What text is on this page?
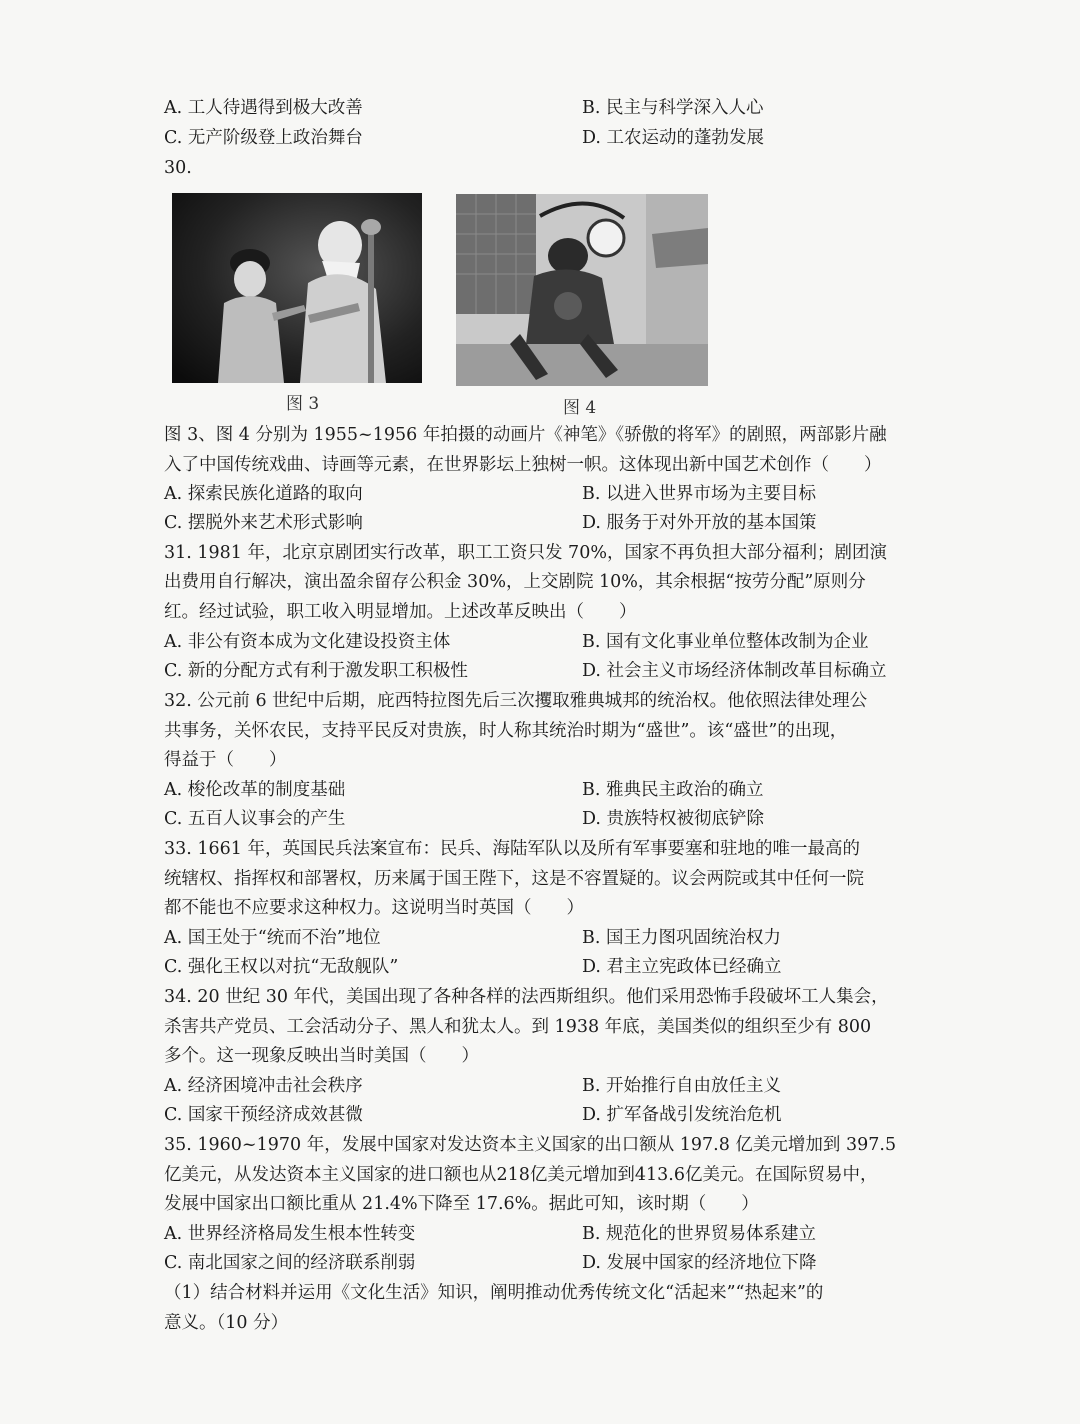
A. 工人待遇得到极大改善	B. 民主与科学深入人心
C. 无产阶级登上政治舞台	D. 工农运动的蓬勃发展
30.
图 3	图 4
图 3、图 4 分别为 1955~1956 年拍摄的动画片《神笔》《骄傲的将军》的剧照，两部影片融
入了中国传统戏曲、诗画等元素，在世界影坛上独树一帜。这体现出新中国艺术创作（　　）
A. 探索民族化道路的取向	B. 以进入世界市场为主要目标
C. 摆脱外来艺术形式影响	D. 服务于对外开放的基本国策
31. 1981 年，北京京剧团实行改革，职工工资只发 70%，国家不再负担大部分福利；剧团演
出费用自行解决，演出盈余留存公积金 30%，上交剧院 10%，其余根据“按劳分配”原则分
红。经过试验，职工收入明显增加。上述改革反映出（　　）
A. 非公有资本成为文化建设投资主体	B. 国有文化事业单位整体改制为企业
C. 新的分配方式有利于激发职工积极性	D. 社会主义市场经济体制改革目标确立
32. 公元前 6 世纪中后期，庇西特拉图先后三次攫取雅典城邦的统治权。他依照法律处理公
共事务，关怀农民，支持平民反对贵族，时人称其统治时期为“盛世”。该“盛世”的出现，
得益于（　　）
A. 梭伦改革的制度基础	B. 雅典民主政治的确立
C. 五百人议事会的产生	D. 贵族特权被彻底铲除
33. 1661 年，英国民兵法案宣布：民兵、海陆军队以及所有军事要塞和驻地的唯一最高的
统辖权、指挥权和部署权，历来属于国王陛下，这是不容置疑的。议会两院或其中任何一院
都不能也不应要求这种权力。这说明当时英国（　　）
A. 国王处于“统而不治”地位	B. 国王力图巩固统治权力
C. 强化王权以对抗“无敌舰队”	D. 君主立宪政体已经确立
34. 20 世纪 30 年代，美国出现了各种各样的法西斯组织。他们采用恐怖手段破坏工人集会，
杀害共产党员、工会活动分子、黑人和犹太人。到 1938 年底，美国类似的组织至少有 800
多个。这一现象反映出当时美国（　　）
A. 经济困境冲击社会秩序	B. 开始推行自由放任主义
C. 国家干预经济成效甚微	D. 扩军备战引发统治危机
35. 1960~1970 年，发展中国家对发达资本主义国家的出口额从 197.8 亿美元增加到 397.5
亿美元，从发达资本主义国家的进口额也从218亿美元增加到413.6亿美元。在国际贸易中，
发展中国家出口额比重从 21.4%下降至 17.6%。据此可知，该时期（　　）
A. 世界经济格局发生根本性转变	B. 规范化的世界贸易体系建立
C. 南北国家之间的经济联系削弱	D. 发展中国家的经济地位下降
（1）结合材料并运用《文化生活》知识，阐明推动优秀传统文化“活起来”“热起来”的
意义。（10 分）
